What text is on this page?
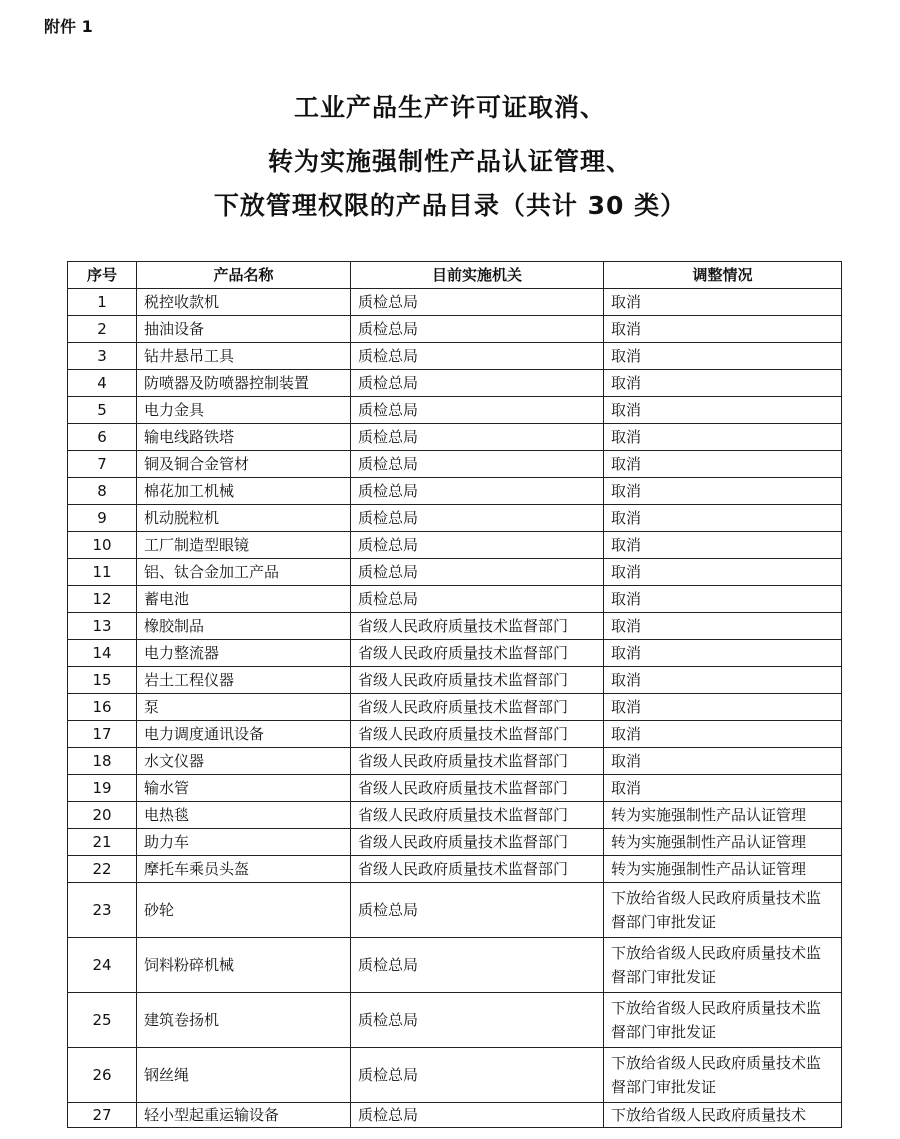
附件 1
工业产品生产许可证取消、
转为实施强制性产品认证管理、
下放管理权限的产品目录（共计 30 类）
序号	产品名称	目前实施机关	调整情况
1	税控收款机	质检总局	取消
2	抽油设备	质检总局	取消
3	钻井悬吊工具	质检总局	取消
4	防喷器及防喷器控制装置	质检总局	取消
5	电力金具	质检总局	取消
6	输电线路铁塔	质检总局	取消
7	铜及铜合金管材	质检总局	取消
8	棉花加工机械	质检总局	取消
9	机动脱粒机	质检总局	取消
10	工厂制造型眼镜	质检总局	取消
11	铝、钛合金加工产品	质检总局	取消
12	蓄电池	质检总局	取消
13	橡胶制品	省级人民政府质量技术监督部门	取消
14	电力整流器	省级人民政府质量技术监督部门	取消
15	岩土工程仪器	省级人民政府质量技术监督部门	取消
16	泵	省级人民政府质量技术监督部门	取消
17	电力调度通讯设备	省级人民政府质量技术监督部门	取消
18	水文仪器	省级人民政府质量技术监督部门	取消
19	输水管	省级人民政府质量技术监督部门	取消
20	电热毯	省级人民政府质量技术监督部门	转为实施强制性产品认证管理
21	助力车	省级人民政府质量技术监督部门	转为实施强制性产品认证管理
22	摩托车乘员头盔	省级人民政府质量技术监督部门	转为实施强制性产品认证管理
23	砂轮	质检总局	下放给省级人民政府质量技术监督部门审批发证
24	饲料粉碎机械	质检总局	下放给省级人民政府质量技术监督部门审批发证
25	建筑卷扬机	质检总局	下放给省级人民政府质量技术监督部门审批发证
26	钢丝绳	质检总局	下放给省级人民政府质量技术监督部门审批发证
27	轻小型起重运输设备	质检总局	下放给省级人民政府质量技术
